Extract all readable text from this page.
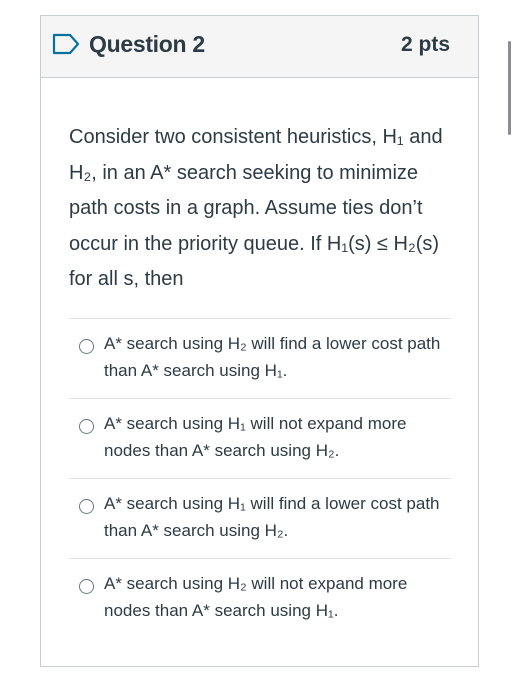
Question 2	2 pts
Consider two consistent heuristics, H₁ and H₂, in an A* search seeking to minimize path costs in a graph. Assume ties don’t occur in the priority queue. If H₁(s) ≤ H₂(s) for all s, then
A* search using H₂ will find a lower cost path than A* search using H₁.
A* search using H₁ will not expand more nodes than A* search using H₂.
A* search using H₁ will find a lower cost path than A* search using H₂.
A* search using H₂ will not expand more nodes than A* search using H₁.
